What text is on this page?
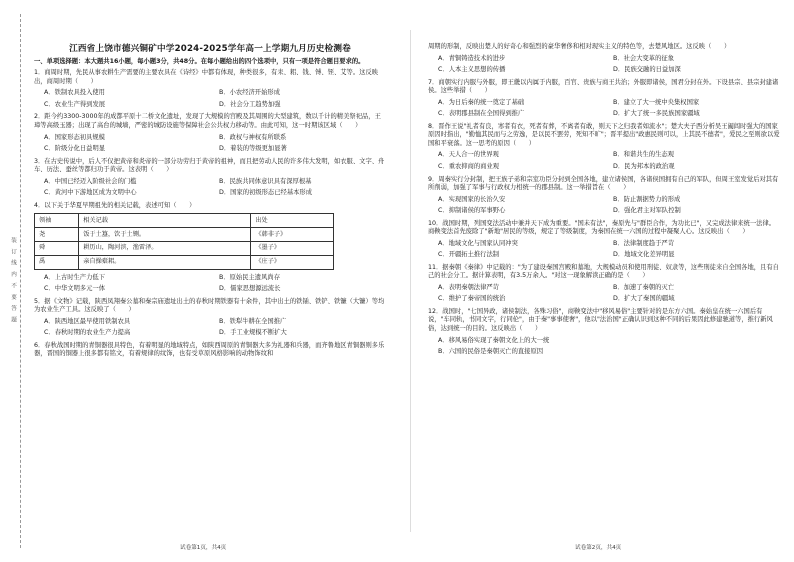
装 订 线 内 不 要 答 题
江西省上饶市德兴铜矿中学2024-2025学年高一上学期九月历史检测卷
一、单项选择题：本大题共16小题，每小题3分，共48分。在每小题给出的四个选项中，只有一项是符合题目要求的。
1．商周时期，先民从事农耕生产需要的主要农具在《诗经》中都有体现，种类很多，有耒、耜、钱、镈、铚、艾等。这反映出，商周时期（　　）
A．铁制农具投入使用	B．小农经济开始形成
C．农业生产得到发展	D．社会分工趋势加强
2．距今约3300-3000年的成都平原十二桥文化遗址，发现了大规模的宫殿及其周围的大型建筑，数以千计的精美祭祀品，王璋等高级玉器；出现了高台的城墙，严密的城防设施等保障社会公共权力移动等。由此可知，这一时期该区域（　　）
A．国家形态初具规模	B．政权与神权有所联系
C．阶级分化日益明显	D．着装的等级更加显著
3．在古史传说中，后人不仅把黄帝和炎帝的一部分功劳归于黄帝的祖神，而且把劳动人民的许多伟大发明，如衣服、文字、舟车、历法、蚕丝等都归功于黄帝。这表明（　　）
A．中国已经迈入阶级社会的门槛	B．民族共同体意识具有深厚根基
C．黄河中下游地区成为文明中心	D．国家的初级形态已经基本形成
4．以下关于华夏早期祖先的相关记载，表述可知（　　）
领袖	相关记载	出处
尧	饭于土簋，饮于土铏。	《韩非子》
舜	耕历山，陶河滨，渔雷泽。	《墨子》
禹	亲自操橐耜。	《庄子》
A．上古时生产力低下	B．原始民主遗风尚存
C．中华文明多元一体	D．儒家思想源远流长
5．据《文物》记载，陕西凤翔秦公墓和秦宗庙遗址出土的春秋时期铁器有十余件，其中出土的铁锸、铁铲、铁镰（大镰）等均为农业生产工具。这反映了（　　）
A．陕西地区最早使用铁制农具	B．铁犁牛耕在全国推广
C．春秋时期的农业生产力提高	D．手工业规模不断扩大
6．春秋战国时期的青铜器很具特色，有着明显的地域特点，如陕西周原的青铜器大多为礼器和兵器，而齐鲁地区青铜器则多乐器，晋国的铜器上很多都有铭文，有着规律的纹饰，也有受草原风格影响的动物饰纹和
周期的形制，反映出楚人的好奇心和强烈的豪华奢侈和相对现实主义的特色等，去楚风地区。这反映（　　）
A．青铜铸造技术的进步	B．社会大变革的征象
C．人本主义思想的传播	D．民族交融的日益加深
7．商朝实行内服与外服，即王畿以内属于内服，百官、贵族与商王共治；外服即诸侯，国君分封在外。下设县宗、县宗封建诸侯。这些举措（　　）
A．为日后秦的统一奠定了基础	B．建立了大一统中央集权国家
C．表明郡县制在全国得到推广	D．扩大了统一多民族国家疆域
8．晋作王说"礼者有良，寒者有衣，死者有葬，不离者有敢，则天下之归我者如流水"；楚大夫子西分析吴王阖闾时强大的国家原因时指出，"勤恤其民而与之劳逸，是以民不罢劳，死知不旷"；晋平提出"政惠民则可以，上其民不德者"，爱民之至则欲以爱国和平衰落。这一思考的原因（　　）
A．天人合一的世界观	B．和谐共生的生态观
C．重农抑商的商业观	D．民为邦本的政治观
9．周秦实行分封制，把王族子弟和宗室功臣分封到全国各地，建立诸侯国，各诸侯国拥有自己的军队，但周王室发觉后对其有所削弱，加强了军事与行政权力相统一的郡县制。这一举措旨在（　　）
A．实现国家的长治久安	B．防止割据势力的形成
C．抑制诸侯的军事野心	D．强化君主对军队控制
10．战国时期，列国变法活动中兼并天下成为重要。"国未有法"，秦原先与"群臣合作，为功比已"，又完成法律来统一法律。商鞅变法首先废除了"新地"居民的等级，规定了等级制度，为秦国在统一六国的过程中凝聚人心。这反映出（　　）
A．地域文化与国家认同冲突	B．法律制度趋于严苛
C．开疆拓土推行法制	D．地域文化差异明显
11．据秦朝《秦律》中记载的："为了建设秦国宫殿和墓地，大规模动员和使用刑徒、奴隶等，这些刑徒来自全国各地，且有自己的社会分工。据计算表明，有3.5万余人。"对这一现象解读正确的是（　　）
A．表明秦朝法律严苛	B．加速了秦朝的灭亡
C．维护了秦帝国的统治	D．扩大了秦国的疆域
12．战国时，"七国异政，诸侯制法，各殊习俗"，商鞅变法中"移风易俗"主要针对的是东方六国。秦始皇在统一六国后有说，"车同轨，书同文字，行同伦"，由于秦"事事使奢"，他以"法治国"正确认识到这种不同的后果因此修建驰道等，推行新风俗，达到统一的目的。这反映出（　　）
A．移风易俗实现了秦朝文化上的大一统
B．六国的民俗是秦朝灭亡的直接原因
试卷第1页，共4页	试卷第2页，共4页
